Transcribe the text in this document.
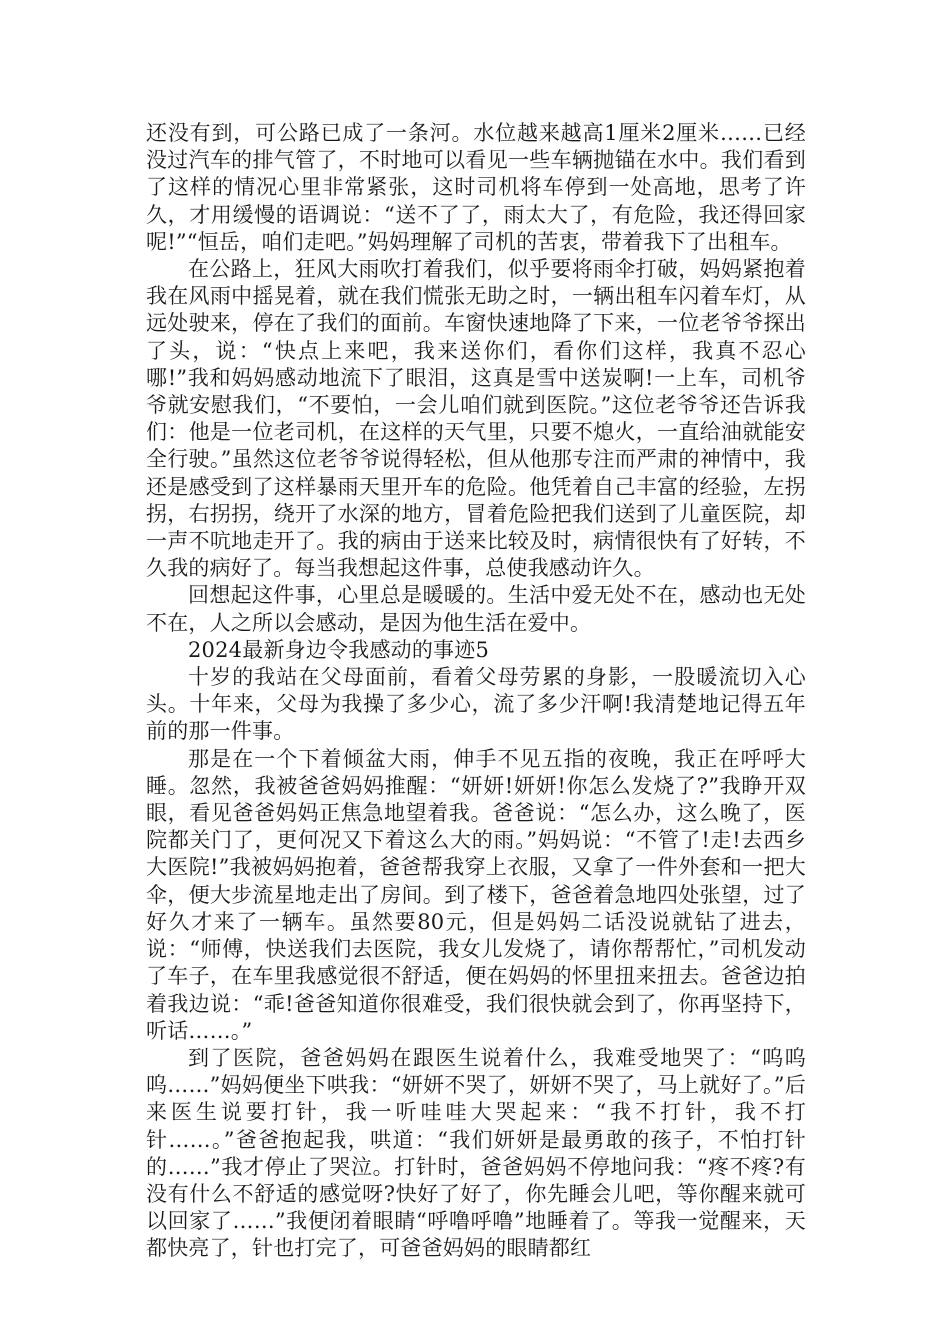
还没有到，可公路已成了一条河。水位越来越高1厘米2厘米……已经没过汽车的排气管了，不时地可以看见一些车辆抛锚在水中。我们看到了这样的情况心里非常紧张，这时司机将车停到一处高地，思考了许久，才用缓慢的语调说：“送不了了，雨太大了，有危险，我还得回家呢!”“恒岳，咱们走吧。”妈妈理解了司机的苦衷，带着我下了出租车。

在公路上，狂风大雨吹打着我们，似乎要将雨伞打破，妈妈紧抱着我在风雨中摇晃着，就在我们慌张无助之时，一辆出租车闪着车灯，从远处驶来，停在了我们的面前。车窗快速地降了下来，一位老爷爷探出了头，说：“快点上来吧，我来送你们，看你们这样，我真不忍心哪!”我和妈妈感动地流下了眼泪，这真是雪中送炭啊!一上车，司机爷爷就安慰我们，“不要怕，一会儿咱们就到医院。”这位老爷爷还告诉我们：他是一位老司机，在这样的天气里，只要不熄火，一直给油就能安全行驶。”虽然这位老爷爷说得轻松，但从他那专注而严肃的神情中，我还是感受到了这样暴雨天里开车的危险。他凭着自己丰富的经验，左拐拐，右拐拐，绕开了水深的地方，冒着危险把我们送到了儿童医院，却一声不吭地走开了。我的病由于送来比较及时，病情很快有了好转，不久我的病好了。每当我想起这件事，总使我感动许久。

回想起这件事，心里总是暖暖的。生活中爱无处不在，感动也无处不在，人之所以会感动，是因为他生活在爱中。

2024最新身边令我感动的事迹5

十岁的我站在父母面前，看着父母劳累的身影，一股暖流切入心头。十年来，父母为我操了多少心，流了多少汗啊!我清楚地记得五年前的那一件事。

那是在一个下着倾盆大雨，伸手不见五指的夜晚，我正在呼呼大睡。忽然，我被爸爸妈妈推醒：“妍妍!妍妍!你怎么发烧了?”我睁开双眼，看见爸爸妈妈正焦急地望着我。爸爸说：“怎么办，这么晚了，医院都关门了，更何况又下着这么大的雨。”妈妈说：“不管了!走!去西乡大医院!”我被妈妈抱着，爸爸帮我穿上衣服，又拿了一件外套和一把大伞，便大步流星地走出了房间。到了楼下，爸爸着急地四处张望，过了好久才来了一辆车。虽然要80元，但是妈妈二话没说就钻了进去，说：“师傅，快送我们去医院，我女儿发烧了，请你帮帮忙，”司机发动了车子，在车里我感觉很不舒适，便在妈妈的怀里扭来扭去。爸爸边拍着我边说：“乖!爸爸知道你很难受，我们很快就会到了，你再坚持下，听话……。”

到了医院，爸爸妈妈在跟医生说着什么，我难受地哭了：“呜呜呜……”妈妈便坐下哄我：“妍妍不哭了，妍妍不哭了，马上就好了。”后来医生说要打针，我一听哇哇大哭起来：“我不打针，我不打针……。”爸爸抱起我，哄道：“我们妍妍是最勇敢的孩子，不怕打针的……”我才停止了哭泣。打针时，爸爸妈妈不停地问我：“疼不疼?有没有什么不舒适的感觉呀?快好了好了，你先睡会儿吧，等你醒来就可以回家了……”我便闭着眼睛“呼噜呼噜”地睡着了。等我一觉醒来，天都快亮了，针也打完了，可爸爸妈妈的眼睛都红
